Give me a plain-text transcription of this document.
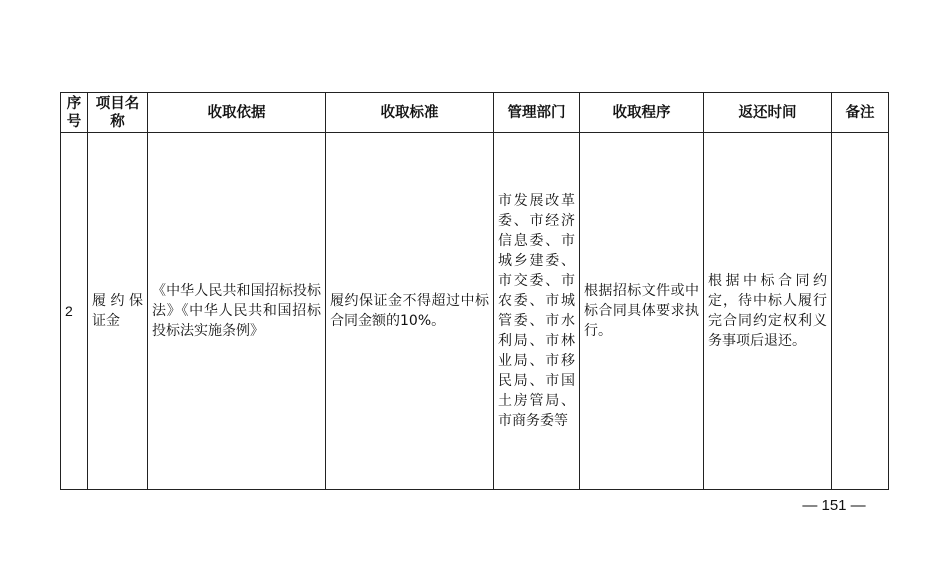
序号	项目名称	收取依据	收取标准	管理部门	收取程序	返还时间	备注
2	履约保证金	《中华人民共和国招标投标法》《中华人民共和国招标投标法实施条例》	履约保证金不得超过中标合同金额的10%。	市发展改革委、市经济信息委、市城乡建委、市交委、市农委、市城管委、市水利局、市林业局、市移民局、市国土房管局、市商务委等	根据招标文件或中标合同具体要求执行。	根据中标合同约定，待中标人履行完合同约定权利义务事项后退还。	
— 151 —
